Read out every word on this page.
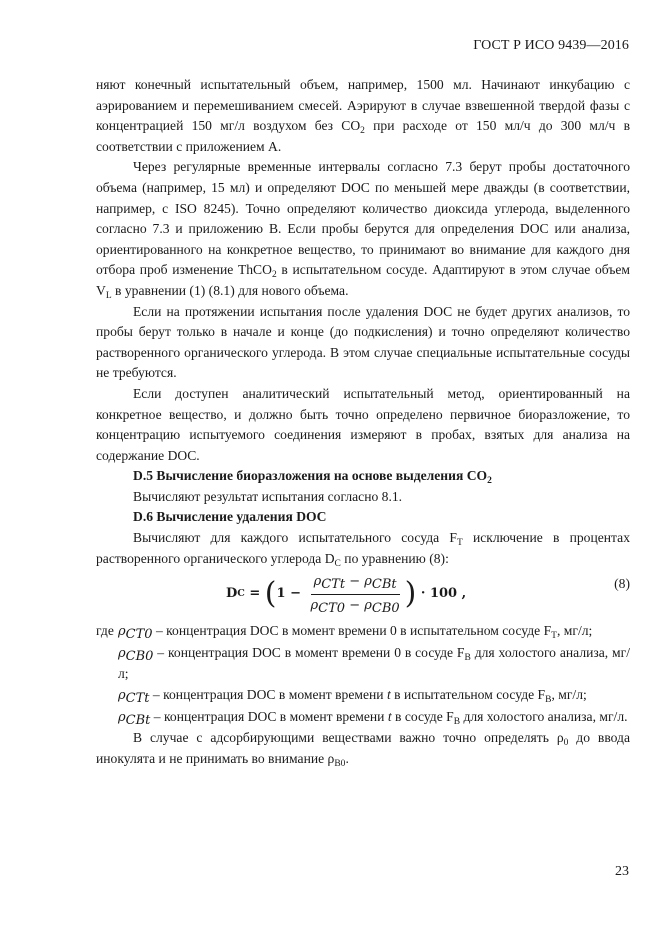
ГОСТ Р ИСО 9439—2016

няют конечный испытательный объем, например, 1500 мл. Начинают инкубацию с аэрированием и перемешиванием смесей. Аэрируют в случае взвешенной твердой фазы с концентрацией 150 мг/л воздухом без $CO_2$ при расходе от 150 мл/ч до 300 мл/ч в соответствии с приложением A.

Через регулярные временные интервалы согласно 7.3 берут пробы достаточного объема (например, 15 мл) и определяют DOC по меньшей мере дважды (в соответствии, например, с ISO 8245). Точно определяют количество диоксида углерода, выделенного согласно 7.3 и приложению B. Если пробы берутся для определения DOC или анализа, ориентированного на конкретное вещество, то принимают во внимание для каждого дня отбора проб изменение ThCO$_2$ в испытательном сосуде. Адаптируют в этом случае объем $V_L$ в уравнении (1) (8.1) для нового объема.

Если на протяжении испытания после удаления DOC не будет других анализов, то пробы берут только в начале и конце (до подкисления) и точно определяют количество растворенного органического углерода. В этом случае специальные испытательные сосуды не требуются.

Если доступен аналитический испытательный метод, ориентированный на конкретное вещество, и должно быть точно определено первичное биоразложение, то концентрацию испытуемого соединения измеряют в пробах, взятых для анализа на содержание DOC.

D.5 Вычисление биоразложения на основе выделения $CO_2$

Вычисляют результат испытания согласно 8.1.

D.6 Вычисление удаления DOC

Вычисляют для каждого испытательного сосуда $F_T$ исключение в процентах растворенного органического углерода $D_C$ по уравнению (8):

D C = ( $1 - \frac{\rho_{CTt} - \rho_{CBt}}{\rho_{CT0} - \rho_{CB0}}$ ) · 100 ,
(8)

где $\rho_{CT0}$ – концентрация DOC в момент времени 0 в испытательном сосуде $F_T$, мг/л;

$\rho_{CB0}$ – концентрация DOC в момент времени 0 в сосуде $F_B$ для холостого анализа, мг/л;

$\rho_{CTt}$ – концентрация DOC в момент времени t в испытательном сосуде $F_B$, мг/л;

$\rho_{CBt}$ – концентрация DOC в момент времени t в сосуде $F_B$ для холостого анализа, мг/л.

В случае с адсорбирующими веществами важно точно определять $\rho_0$ до ввода инокулята и не принимать во внимание $\rho_{B0}$.

23
